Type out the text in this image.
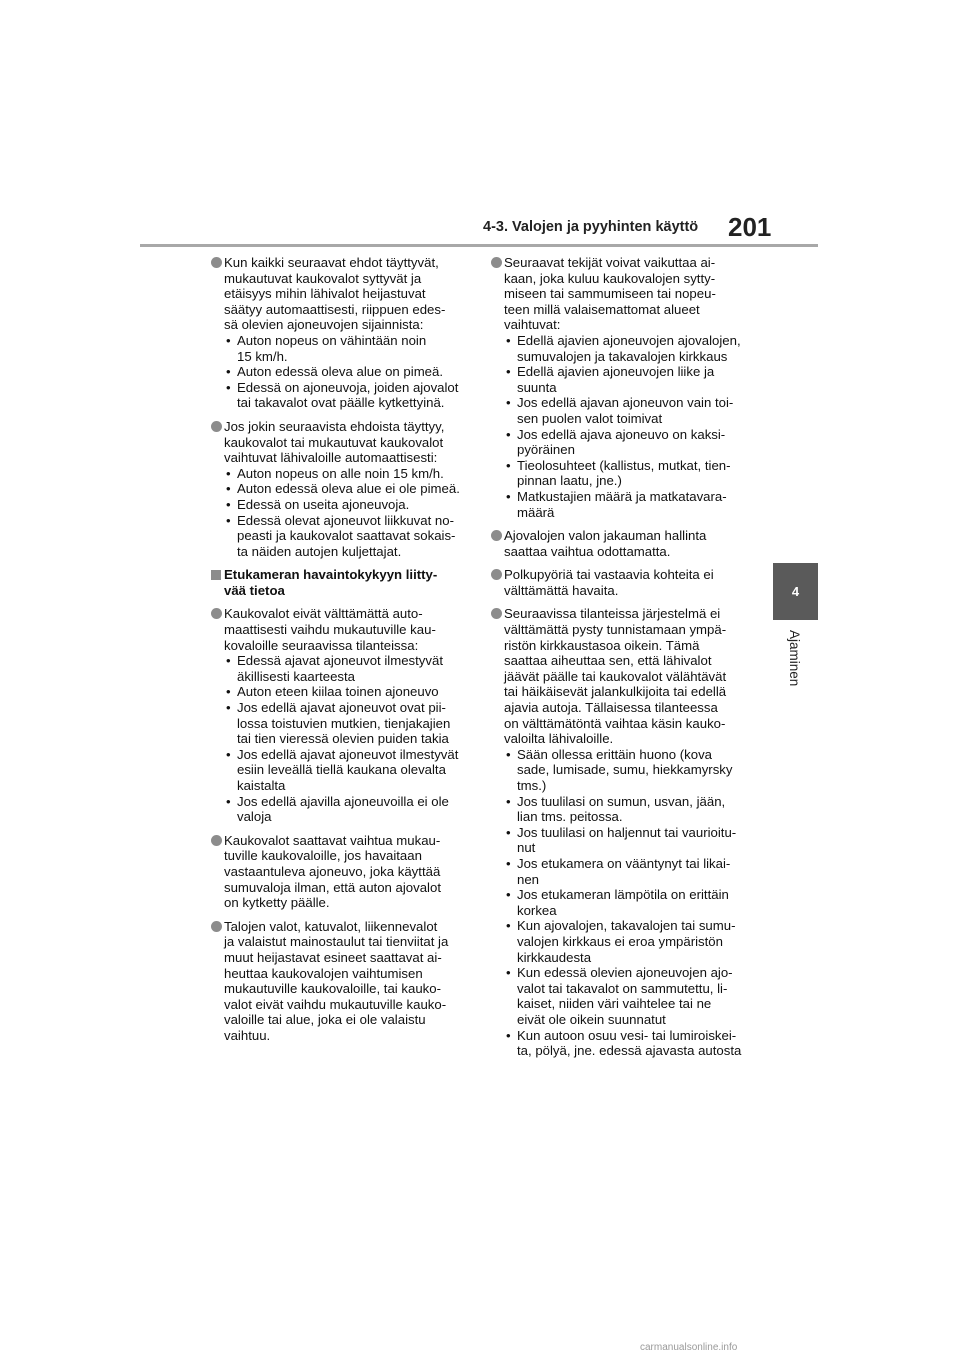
4-3. Valojen ja pyyhinten käyttö 201
4
Ajaminen
Kun kaikki seuraavat ehdot täyttyvät,
mukautuvat kaukovalot syttyvät ja
etäisyys mihin lähivalot heijastuvat
säätyy automaattisesti, riippuen edes-
sä olevien ajoneuvojen sijainnista:
• Auton nopeus on vähintään noin
15 km/h.
• Auton edessä oleva alue on pimeä.
• Edessä on ajoneuvoja, joiden ajovalot
tai takavalot ovat päälle kytkettyinä.
Jos jokin seuraavista ehdoista täyttyy,
kaukovalot tai mukautuvat kaukovalot
vaihtuvat lähivaloille automaattisesti:
• Auton nopeus on alle noin 15 km/h.
• Auton edessä oleva alue ei ole pimeä.
• Edessä on useita ajoneuvoja.
• Edessä olevat ajoneuvot liikkuvat no-
peasti ja kaukovalot saattavat sokais-
ta näiden autojen kuljettajat.
Etukameran havaintokykyyn liitty-
vää tietoa
Kaukovalot eivät välttämättä auto-
maattisesti vaihdu mukautuville kau-
kovaloille seuraavissa tilanteissa:
• Edessä ajavat ajoneuvot ilmestyvät
äkillisesti kaarteesta
• Auton eteen kiilaa toinen ajoneuvo
• Jos edellä ajavat ajoneuvot ovat pii-
lossa toistuvien mutkien, tienjakajien
tai tien vieressä olevien puiden takia
• Jos edellä ajavat ajoneuvot ilmestyvät
esiin leveällä tiellä kaukana olevalta
kaistalta
• Jos edellä ajavilla ajoneuvoilla ei ole
valoja
Kaukovalot saattavat vaihtua mukau-
tuville kaukovaloille, jos havaitaan
vastaantuleva ajoneuvo, joka käyttää
sumuvaloja ilman, että auton ajovalot
on kytketty päälle.
Talojen valot, katuvalot, liikennevalot
ja valaistut mainostaulut tai tienviitat ja
muut heijastavat esineet saattavat ai-
heuttaa kaukovalojen vaihtumisen
mukautuville kaukovaloille, tai kauko-
valot eivät vaihdu mukautuville kauko-
valoille tai alue, joka ei ole valaistu
vaihtuu.
Seuraavat tekijät voivat vaikuttaa ai-
kaan, joka kuluu kaukovalojen sytty-
miseen tai sammumiseen tai nopeu-
teen millä valaisemattomat alueet
vaihtuvat:
• Edellä ajavien ajoneuvojen ajovalojen,
sumuvalojen ja takavalojen kirkkaus
• Edellä ajavien ajoneuvojen liike ja
suunta
• Jos edellä ajavan ajoneuvon vain toi-
sen puolen valot toimivat
• Jos edellä ajava ajoneuvo on kaksi-
pyöräinen
• Tieolosuhteet (kallistus, mutkat, tien-
pinnan laatu, jne.)
• Matkustajien määrä ja matkatavara-
määrä
Ajovalojen valon jakauman hallinta
saattaa vaihtua odottamatta.
Polkupyöriä tai vastaavia kohteita ei
välttämättä havaita.
Seuraavissa tilanteissa järjestelmä ei
välttämättä pysty tunnistamaan ympä-
ristön kirkkaustasoa oikein. Tämä
saattaa aiheuttaa sen, että lähivalot
jäävät päälle tai kaukovalot välähtävät
tai häikäisevät jalankulkijoita tai edellä
ajavia autoja. Tällaisessa tilanteessa
on välttämätöntä vaihtaa käsin kauko-
valoilta lähivaloille.
• Sään ollessa erittäin huono (kova
sade, lumisade, sumu, hiekkamyrsky
tms.)
• Jos tuulilasi on sumun, usvan, jään,
lian tms. peitossa.
• Jos tuulilasi on haljennut tai vaurioitu-
nut
• Jos etukamera on vääntynyt tai likai-
nen
• Jos etukameran lämpötila on erittäin
korkea
• Kun ajovalojen, takavalojen tai sumu-
valojen kirkkaus ei eroa ympäristön
kirkkaudesta
• Kun edessä olevien ajoneuvojen ajo-
valot tai takavalot on sammutettu, li-
kaiset, niiden väri vaihtelee tai ne
eivät ole oikein suunnatut
• Kun autoon osuu vesi- tai lumiroiskei-
ta, pölyä, jne. edessä ajavasta autosta
carmanualsonline.info
